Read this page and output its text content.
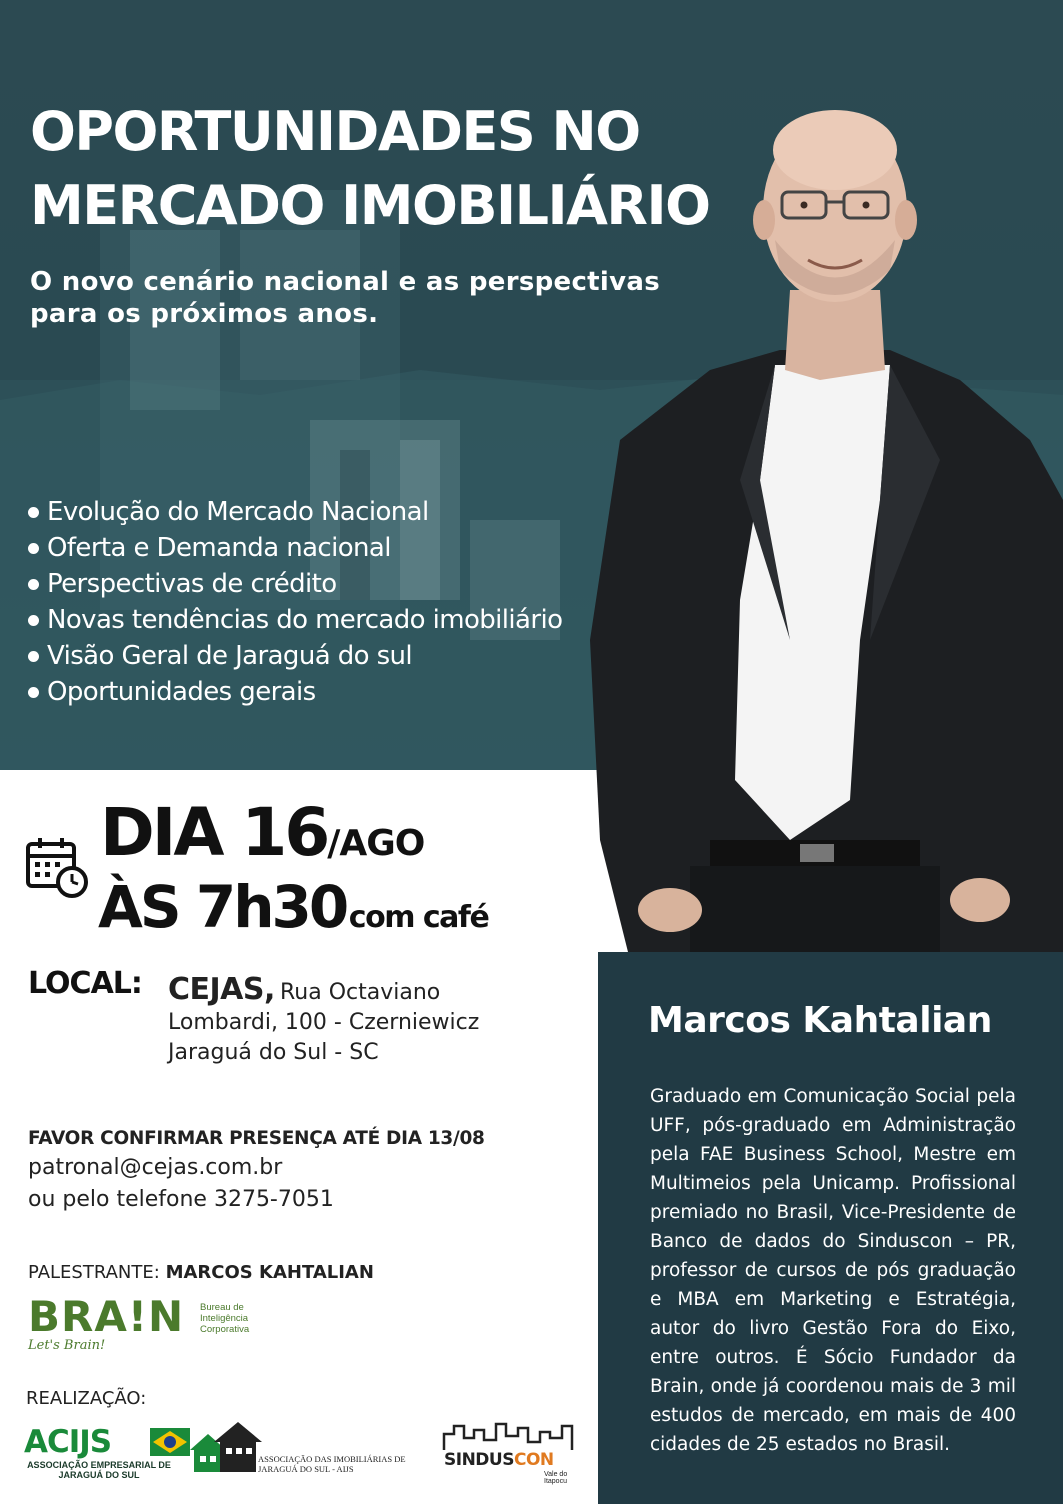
OPORTUNIDADES NO
MERCADO IMOBILIÁRIO
O novo cenário nacional e as perspectivas
para os próximos anos.
Evolução do Mercado Nacional
Oferta e Demanda nacional
Perspectivas de crédito
Novas tendências do mercado imobiliário
Visão Geral de Jaraguá do sul
Oportunidades gerais
DIA 16/AGO
ÀS 7h30 com café
LOCAL: CEJAS, Rua Octaviano
Lombardi, 100 - Czerniewicz
Jaraguá do Sul - SC
FAVOR CONFIRMAR PRESENÇA ATÉ DIA 13/08
patronal@cejas.com.br
ou pelo telefone 3275-7051
PALESTRANTE: MARCOS KAHTALIAN
BRA!N Bureau de Inteligência Corporativa
Let's Brain!
REALIZAÇÃO:
ACIJS
ASSOCIAÇÃO EMPRESARIAL DE JARAGUÁ DO SUL
ASSOCIAÇÃO DAS IMOBILIÁRIAS DE
JARAGUÁ DO SUL - AIJS	SINDUSCON
Vale do Itapocu
Marcos Kahtalian
Graduado em Comunicação Social pela UFF, pós-graduado em Administração pela FAE Business School, Mestre em Multimeios pela Unicamp. Profissional premiado no Brasil, Vice-Presidente de Banco de dados do Sinduscon – PR, professor de cursos de pós graduação e MBA em Marketing e Estratégia, autor do livro Gestão Fora do Eixo, entre outros. É Sócio Fundador da Brain, onde já coordenou mais de 3 mil estudos de mercado, em mais de 400 cidades de 25 estados no Brasil.
